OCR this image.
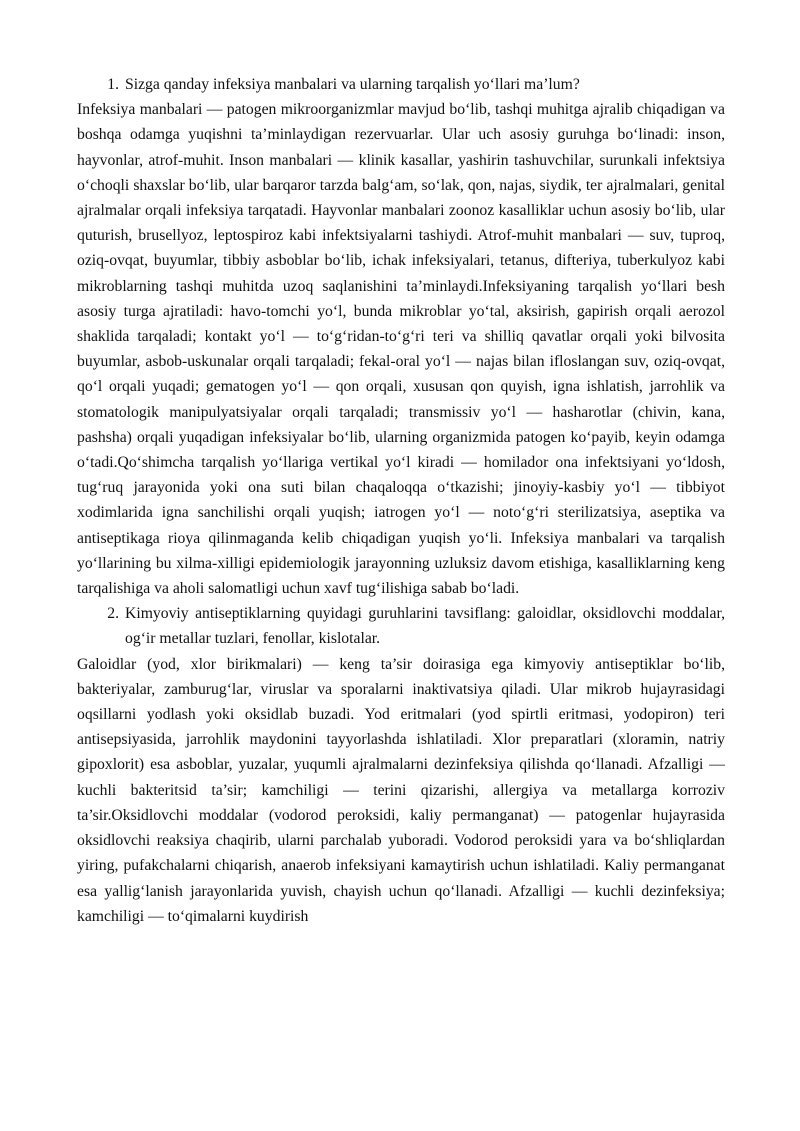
1. Sizga qanday infeksiya manbalari va ularning tarqalish yo‘llari ma’lum?

Infeksiya manbalari — patogen mikroorganizmlar mavjud bo‘lib, tashqi muhitga ajralib chiqadigan va boshqa odamga yuqishni ta’minlaydigan rezervuarlar. Ular uch asosiy guruhga bo‘linadi: inson, hayvonlar, atrof-muhit. Inson manbalari — klinik kasallar, yashirin tashuvchilar, surunkali infektsiya o‘choqli shaxslar bo‘lib, ular barqaror tarzda balg‘am, so‘lak, qon, najas, siydik, ter ajralmalari, genital ajralmalar orqali infeksiya tarqatadi. Hayvonlar manbalari zoonoz kasalliklar uchun asosiy bo‘lib, ular quturish, brusellyoz, leptospiroz kabi infektsiyalarni tashiydi. Atrof-muhit manbalari — suv, tuproq, oziq-ovqat, buyumlar, tibbiy asboblar bo‘lib, ichak infeksiyalari, tetanus, difteriya, tuberkulyoz kabi mikroblarning tashqi muhitda uzoq saqlanishini ta’minlaydi.Infeksiyaning tarqalish yo‘llari besh asosiy turga ajratiladi: havo-tomchi yo‘l, bunda mikroblar yo‘tal, aksirish, gapirish orqali aerozol shaklida tarqaladi; kontakt yo‘l — to‘g‘ridan-to‘g‘ri teri va shilliq qavatlar orqali yoki bilvosita buyumlar, asbob-uskunalar orqali tarqaladi; fekal-oral yo‘l — najas bilan ifloslangan suv, oziq-ovqat, qo‘l orqali yuqadi; gematogen yo‘l — qon orqali, xususan qon quyish, igna ishlatish, jarrohlik va stomatologik manipulyatsiyalar orqali tarqaladi; transmissiv yo‘l — hasharotlar (chivin, kana, pashsha) orqali yuqadigan infeksiyalar bo‘lib, ularning organizmida patogen ko‘payib, keyin odamga o‘tadi.Qo‘shimcha tarqalish yo‘llariga vertikal yo‘l kiradi — homilador ona infektsiyani yo‘ldosh, tug‘ruq jarayonida yoki ona suti bilan chaqaloqqa o‘tkazishi; jinoyiy-kasbiy yo‘l — tibbiyot xodimlarida igna sanchilishi orqali yuqish; iatrogen yo‘l — noto‘g‘ri sterilizatsiya, aseptika va antiseptikaga rioya qilinmaganda kelib chiqadigan yuqish yo‘li. Infeksiya manbalari va tarqalish yo‘llarining bu xilma-xilligi epidemiologik jarayonning uzluksiz davom etishiga, kasalliklarning keng tarqalishiga va aholi salomatligi uchun xavf tug‘ilishiga sabab bo‘ladi.

2. Kimyoviy antiseptiklarning quyidagi guruhlarini tavsiflang: galoidlar, oksidlovchi moddalar, og‘ir metallar tuzlari, fenollar, kislotalar.

Galoidlar (yod, xlor birikmalari) — keng ta’sir doirasiga ega kimyoviy antiseptiklar bo‘lib, bakteriyalar, zamburug‘lar, viruslar va sporalarni inaktivatsiya qiladi. Ular mikrob hujayrasidagi oqsillarni yodlash yoki oksidlab buzadi. Yod eritmalari (yod spirtli eritmasi, yodopiron) teri antisepsiyasida, jarrohlik maydonini tayyorlashda ishlatiladi. Xlor preparatlari (xloramin, natriy gipoxlorit) esa asboblar, yuzalar, yuqumli ajralmalarni dezinfeksiya qilishda qo‘llanadi. Afzalligi — kuchli bakteritsid ta’sir; kamchiligi — terini qizarishi, allergiya va metallarga korroziv ta’sir.Oksidlovchi moddalar (vodorod peroksidi, kaliy permanganat) — patogenlar hujayrasida oksidlovchi reaksiya chaqirib, ularni parchalab yuboradi. Vodorod peroksidi yara va bo‘shliqlardan yiring, pufakchalarni chiqarish, anaerob infeksiyani kamaytirish uchun ishlatiladi. Kaliy permanganat esa yallig‘lanish jarayonlarida yuvish, chayish uchun qo‘llanadi. Afzalligi — kuchli dezinfeksiya; kamchiligi — to‘qimalarni kuydirish
